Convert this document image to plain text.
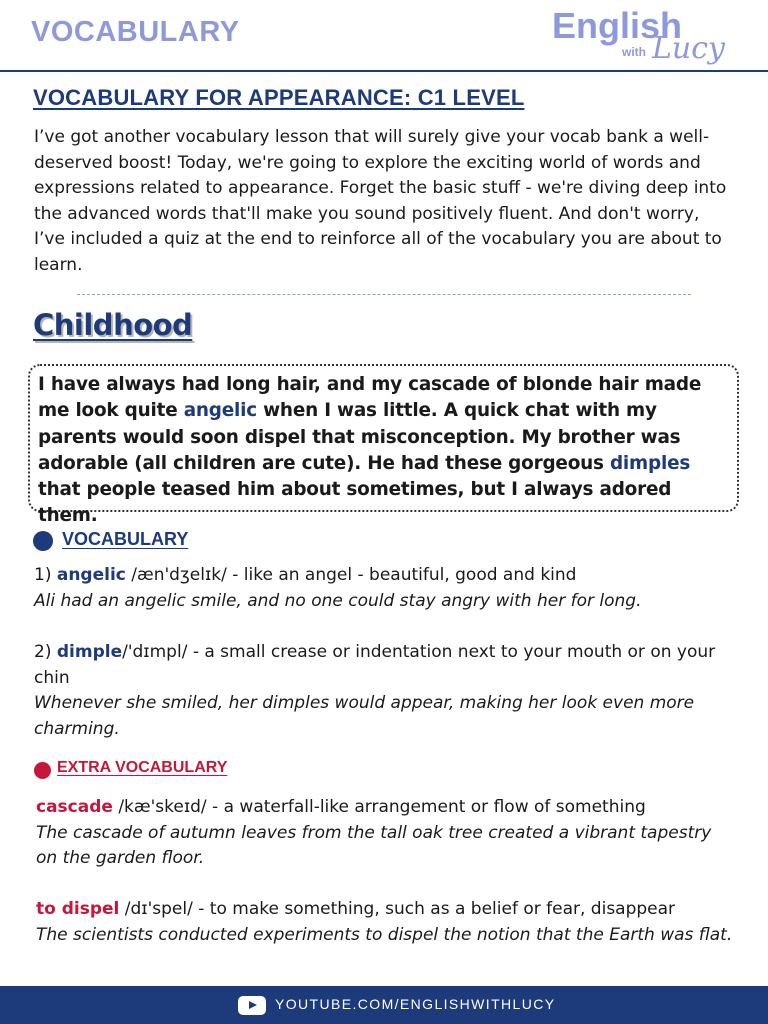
VOCABULARY	English
with Lucy
VOCABULARY FOR APPEARANCE: C1 LEVEL

I’ve got another vocabulary lesson that will surely give your vocab bank a well-deserved boost! Today, we're going to explore the exciting world of words and expressions related to appearance. Forget the basic stuff - we're diving deep into the advanced words that'll make you sound positively fluent. And don't worry, I’ve included a quiz at the end to reinforce all of the vocabulary you are about to learn.

Childhood

I have always had long hair, and my cascade of blonde hair made me look quite angelic when I was little. A quick chat with my parents would soon dispel that misconception. My brother was adorable (all children are cute). He had these gorgeous dimples that people teased him about sometimes, but I always adored them.

VOCABULARY
1) angelic /æn'dʒelɪk/ - like an angel - beautiful, good and kind
Ali had an angelic smile, and no one could stay angry with her for long.
2) dimple/'dɪmpl/ - a small crease or indentation next to your mouth or on your chin
Whenever she smiled, her dimples would appear, making her look even more charming.
EXTRA VOCABULARY
cascade /kæ'skeɪd/ - a waterfall-like arrangement or flow of something
The cascade of autumn leaves from the tall oak tree created a vibrant tapestry on the garden floor.
to dispel /dɪ'spel/ - to make something, such as a belief or fear, disappear
The scientists conducted experiments to dispel the notion that the Earth was flat.
YOUTUBE.COM/ENGLISHWITHLUCY
